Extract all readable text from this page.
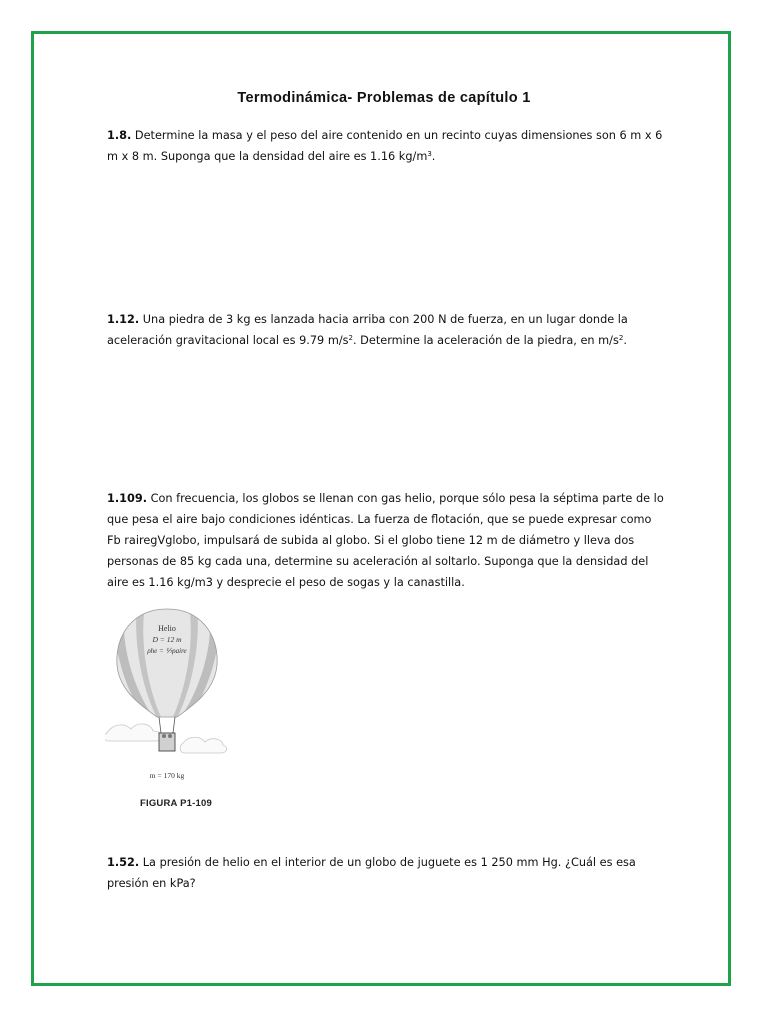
Termodinámica- Problemas de capítulo 1
1.8. Determine la masa y el peso del aire contenido en un recinto cuyas dimensiones son 6 m x 6 m x 8 m. Suponga que la densidad del aire es 1.16 $kg/m^3$.
1.12. Una piedra de 3 kg es lanzada hacia arriba con 200 N de fuerza, en un lugar donde la aceleración gravitacional local es 9.79 $m/s^2$. Determine la aceleración de la piedra, en $m/s^2$.
1.109. Con frecuencia, los globos se llenan con gas helio, porque sólo pesa la séptima parte de lo que pesa el aire bajo condiciones idénticas. La fuerza de flotación, que se puede expresar como Fb rairegVglobo, impulsará de subida al globo. Si el globo tiene 12 m de diámetro y lleva dos personas de 85 kg cada una, determine su aceleración al soltarlo. Suponga que la densidad del aire es 1.16 kg/m3 y desprecie el peso de sogas y la canastilla.
Helio
D = 12 m
ρhe = ⅐ρaire
m = 170 kg
FIGURA P1-109
1.52. La presión de helio en el interior de un globo de juguete es 1 250 mm Hg. ¿Cuál es esa presión en kPa?
